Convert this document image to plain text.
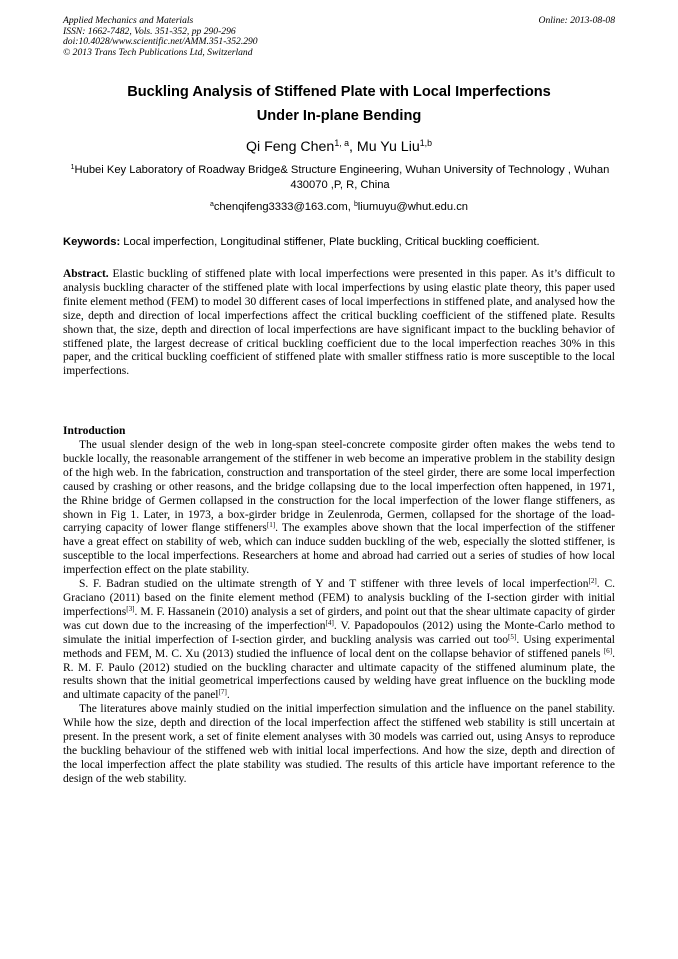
Applied Mechanics and Materials
ISSN: 1662-7482, Vols. 351-352, pp 290-296
doi:10.4028/www.scientific.net/AMM.351-352.290
© 2013 Trans Tech Publications Ltd, Switzerland
Online: 2013-08-08
Buckling Analysis of Stiffened Plate with Local Imperfections
Under In-plane Bending
Qi Feng Chen$^{1, a}$, Mu Yu Liu$^{1,b}$
$^1$Hubei Key Laboratory of Roadway Bridge& Structure Engineering, Wuhan University of Technology , Wuhan 430070 ,P, R, China
$^a$chenqifeng3333@163.com, $^b$liumuyu@whut.edu.cn
Keywords: Local imperfection, Longitudinal stiffener, Plate buckling, Critical buckling coefficient.
Abstract. Elastic buckling of stiffened plate with local imperfections were presented in this paper. As it’s difficult to analysis buckling character of the stiffened plate with local imperfections by using elastic plate theory, this paper used finite element method (FEM) to model 30 different cases of local imperfections in stiffened plate, and analysed how the size, depth and direction of local imperfections affect the critical buckling coefficient of the stiffened plate. Results shown that, the size, depth and direction of local imperfections are have significant impact to the buckling behavior of stiffened plate, the largest decrease of critical buckling coefficient due to the local imperfection reaches 30% in this paper, and the critical buckling coefficient of stiffened plate with smaller stiffness ratio is more susceptible to the local imperfections.
Introduction

The usual slender design of the web in long-span steel-concrete composite girder often makes the webs tend to buckle locally, the reasonable arrangement of the stiffener in web become an imperative problem in the stability design of the high web. In the fabrication, construction and transportation of the steel girder, there are some local imperfection caused by crashing or other reasons, and the bridge collapsing due to the local imperfection often happened, in 1971, the Rhine bridge of Germen collapsed in the construction for the local imperfection of the lower flange stiffeners, as shown in Fig 1. Later, in 1973, a box-girder bridge in Zeulenroda, Germen, collapsed for the shortage of the load-carrying capacity of lower flange stiffeners[1]. The examples above shown that the local imperfection of the stiffener have a great effect on stability of web, which can induce sudden buckling of the web, especially the slotted stiffener, is susceptible to the local imperfections. Researchers at home and abroad had carried out a series of studies of how local imperfection effect on the plate stability.

S. F. Badran studied on the ultimate strength of Y and T stiffener with three levels of local imperfection[2]. C. Graciano (2011) based on the finite element method (FEM) to analysis buckling of the I-section girder with initial imperfections[3]. M. F. Hassanein (2010) analysis a set of girders, and point out that the shear ultimate capacity of girder was cut down due to the increasing of the imperfection[4]. V. Papadopoulos (2012) using the Monte-Carlo method to simulate the initial imperfection of I-section girder, and buckling analysis was carried out too[5]. Using experimental methods and FEM, M. C. Xu (2013) studied the influence of local dent on the collapse behavior of stiffened panels [6]. R. M. F. Paulo (2012) studied on the buckling character and ultimate capacity of the stiffened aluminum plate, the results shown that the initial geometrical imperfections caused by welding have great influence on the buckling mode and ultimate capacity of the panel[7].

The literatures above mainly studied on the initial imperfection simulation and the influence on the panel stability. While how the size, depth and direction of the local imperfection affect the stiffened web stability is still uncertain at present. In the present work, a set of finite element analyses with 30 models was carried out, using Ansys to reproduce the buckling behaviour of the stiffened web with initial local imperfections. And how the size, depth and direction of the local imperfection affect the plate stability was studied. The results of this article have important reference to the design of the web stability.
